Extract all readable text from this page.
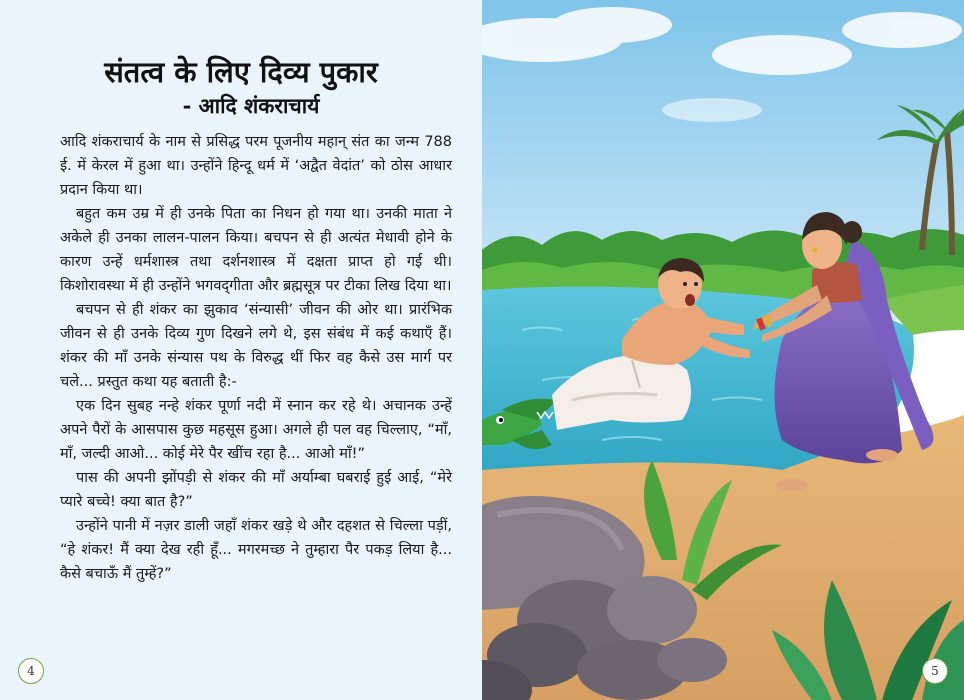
संतत्व के लिए दिव्य पुकार
- आदि शंकराचार्य

आदि शंकराचार्य के नाम से प्रसिद्ध परम पूजनीय महान् संत का जन्म 788 ई. में केरल में हुआ था। उन्होंने हिन्दू धर्म में ‘अद्वैत वेदांत’ को ठोस आधार प्रदान किया था।

बहुत कम उम्र में ही उनके पिता का निधन हो गया था। उनकी माता ने अकेले ही उनका लालन-पालन किया। बचपन से ही अत्यंत मेधावी होने के कारण उन्हें धर्मशास्त्र तथा दर्शनशास्त्र में दक्षता प्राप्त हो गई थी। किशोरावस्था में ही उन्होंने भगवद्‌गीता और ब्रह्मसूत्र पर टीका लिख दिया था।

बचपन से ही शंकर का झुकाव ‘संन्यासी’ जीवन की ओर था। प्रारंभिक जीवन से ही उनके दिव्य गुण दिखने लगे थे, इस संबंध में कई कथाएँ हैं। शंकर की माँ उनके संन्यास पथ के विरुद्ध थीं फिर वह कैसे उस मार्ग पर चले... प्रस्तुत कथा यह बताती है:-

एक दिन सुबह नन्हे शंकर पूर्णा नदी में स्नान कर रहे थे। अचानक उन्हें अपने पैरों के आसपास कुछ महसूस हुआ। अगले ही पल वह चिल्लाए, “माँ, माँ, जल्दी आओ... कोई मेरे पैर खींच रहा है... आओ माँ!”

पास की अपनी झोंपड़ी से शंकर की माँ अर्याम्बा घबराई हुई आई, “मेरे प्यारे बच्चे! क्या बात है?”

उन्होंने पानी में नज़र डाली जहाँ शंकर खड़े थे और दहशत से चिल्ला पड़ीं, “हे शंकर! मैं क्या देख रही हूँ... मगरमच्छ ने तुम्हारा पैर पकड़ लिया है... कैसे बचाऊँ मैं तुम्हें?”

4	5
